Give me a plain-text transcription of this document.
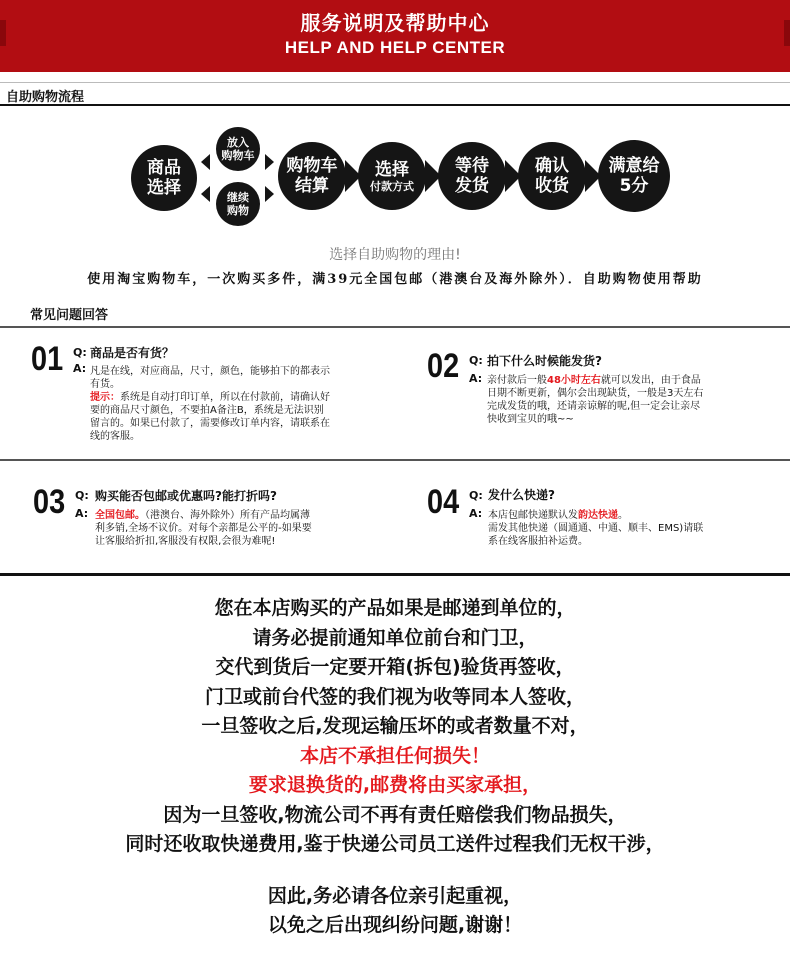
服务说明及帮助中心
HELP AND HELP CENTER
自助购物流程
商品
选择
放入
购物车
继续
购物
购物车
结算
选择
付款方式
等待
发货
确认
收货
满意给
5分
选择自助购物的理由!
使用淘宝购物车，一次购买多件，满39元全国包邮（港澳台及海外除外）．自助购物使用帮助
常见问题回答
01 Q:
A:
商品是否有货？
凡是在线，对应商品，尺寸，颜色，能够拍下的都表示
有货。
提示：系统是自动打印订单，所以在付款前，请确认好
要的商品尺寸颜色，不要拍A备注B，系统是无法识别
留言的。如果已付款了，需要修改订单内容，请联系在
线的客服。
02 Q:
A:
拍下什么时候能发货?
亲付款后一般48小时左右就可以发出，由于食品
日期不断更新，偶尔会出现缺货，一般是3天左右
完成发货的哦，还请亲谅解的呢,但一定会让亲尽
快收到宝贝的哦~~
03 Q:
A:
购买能否包邮或优惠吗?能打折吗?
全国包邮。（港澳台、海外除外）所有产品均属薄
利多销,全场不议价。对每个亲都是公平的-如果要
让客服给折扣,客服没有权限,会很为难呢!
04 Q:
A:
发什么快递?
本店包邮快递默认发韵达快递。
需发其他快递（圆通通、中通、顺丰、EMS)请联
系在线客服拍补运费。
您在本店购买的产品如果是邮递到单位的，
请务必提前通知单位前台和门卫，
交代到货后一定要开箱(拆包)验货再签收，
门卫或前台代签的我们视为收等同本人签收，
一旦签收之后,发现运输压坏的或者数量不对，
本店不承担任何损失！
要求退换货的,邮费将由买家承担，
因为一旦签收,物流公司不再有责任赔偿我们物品损失，
同时还收取快递费用,鉴于快递公司员工送件过程我们无权干涉，
因此,务必请各位亲引起重视，
以免之后出现纠纷问题,谢谢！
